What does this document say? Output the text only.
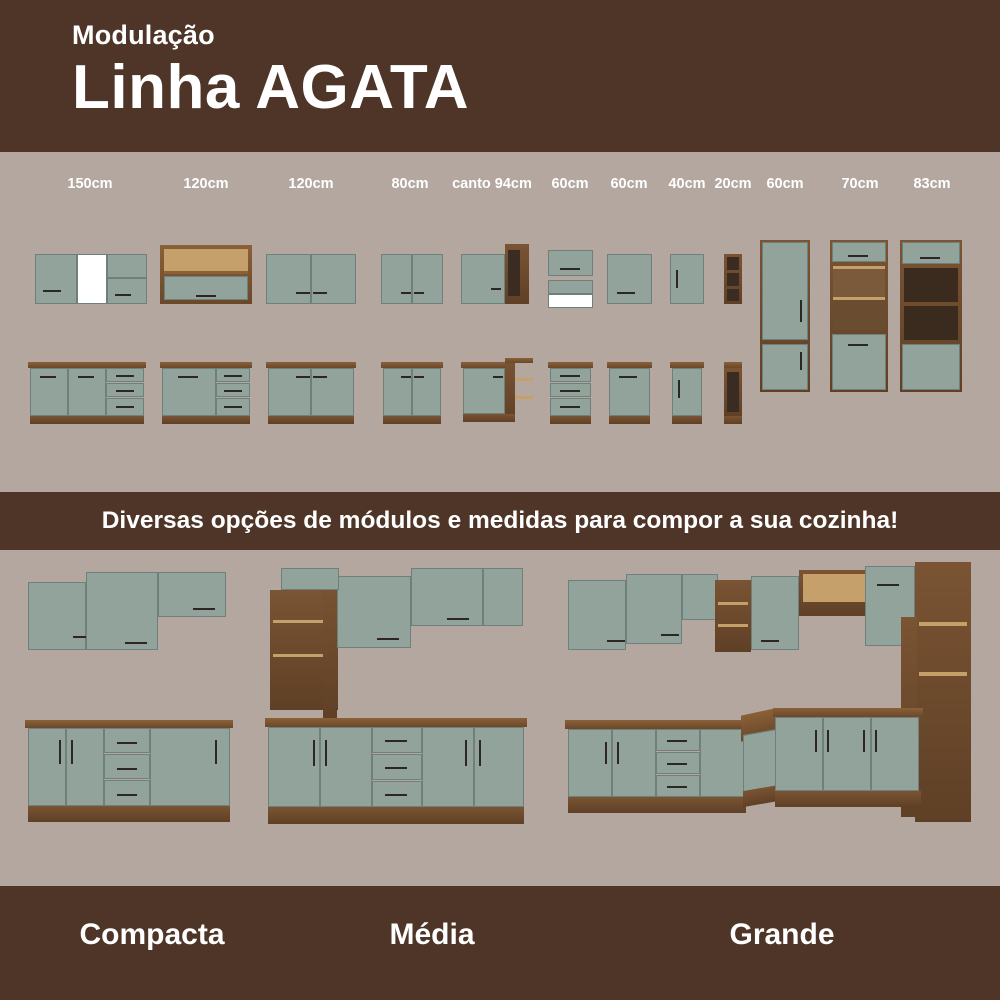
Modulação
Linha AGATA
150cm	120cm	120cm	80cm canto 94cm 60cm 60cm 40cm 20cm 60cm	70cm 83cm
Diversas opções de módulos e medidas para compor a sua cozinha!
Compacta	Média	Grande
